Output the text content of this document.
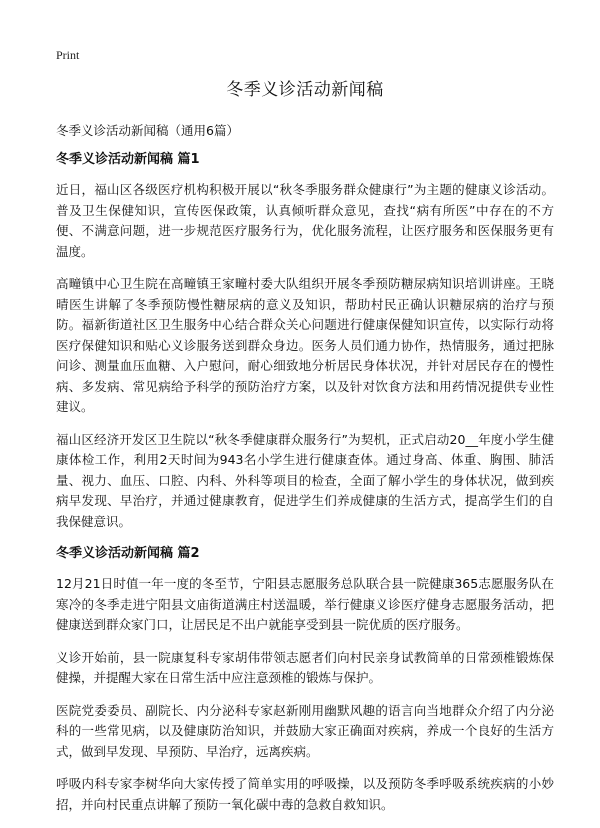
Print
冬季义诊活动新闻稿

冬季义诊活动新闻稿（通用6篇）

冬季义诊活动新闻稿 篇1

近日，福山区各级医疗机构积极开展以“秋冬季服务群众健康行”为主题的健康义诊活动。普及卫生保健知识，宣传医保政策，认真倾听群众意见，查找“病有所医”中存在的不方便、不满意问题，进一步规范医疗服务行为，优化服务流程，让医疗服务和医保服务更有温度。

高疃镇中心卫生院在高疃镇王家疃村委大队组织开展冬季预防糖尿病知识培训讲座。王晓晴医生讲解了冬季预防慢性糖尿病的意义及知识，帮助村民正确认识糖尿病的治疗与预防。福新街道社区卫生服务中心结合群众关心问题进行健康保健知识宣传，以实际行动将医疗保健知识和贴心义诊服务送到群众身边。医务人员们通力协作，热情服务，通过把脉问诊、测量血压血糖、入户慰问，耐心细致地分析居民身体状况，并针对居民存在的慢性病、多发病、常见病给予科学的预防治疗方案，以及针对饮食方法和用药情况提供专业性建议。

福山区经济开发区卫生院以“秋冬季健康群众服务行”为契机，正式启动20__年度小学生健康体检工作，利用2天时间为943名小学生进行健康查体。通过身高、体重、胸围、肺活量、视力、血压、口腔、内科、外科等项目的检查，全面了解小学生的身体状况，做到疾病早发现、早治疗，并通过健康教育，促进学生们养成健康的生活方式，提高学生们的自我保健意识。

冬季义诊活动新闻稿 篇2

12月21日时值一年一度的冬至节，宁阳县志愿服务总队联合县一院健康365志愿服务队在寒冷的冬季走进宁阳县文庙街道满庄村送温暖，举行健康义诊医疗健身志愿服务活动，把健康送到群众家门口，让居民足不出户就能享受到县一院优质的医疗服务。

义诊开始前，县一院康复科专家胡伟带领志愿者们向村民亲身试教简单的日常颈椎锻炼保健操，并提醒大家在日常生活中应注意颈椎的锻炼与保护。

医院党委委员、副院长、内分泌科专家赵新刚用幽默风趣的语言向当地群众介绍了内分泌科的一些常见病，以及健康防治知识，并鼓励大家正确面对疾病，养成一个良好的生活方式，做到早发现、早预防、早治疗，远离疾病。

呼吸内科专家李树华向大家传授了简单实用的呼吸操，以及预防冬季呼吸系统疾病的小妙招，并向村民重点讲解了预防一氧化碳中毒的急救自救知识。
